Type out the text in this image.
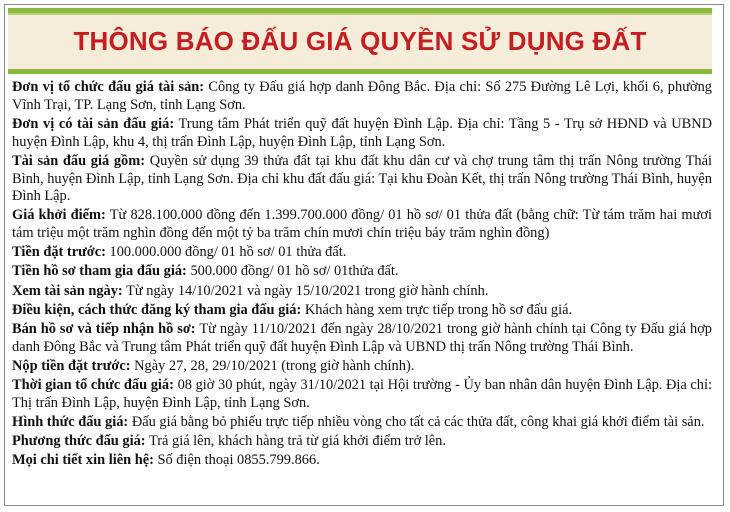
THÔNG BÁO ĐẤU GIÁ QUYỀN SỬ DỤNG ĐẤT

Đơn vị tổ chức đấu giá tài sản: Công ty Đấu giá hợp danh Đông Bắc. Địa chỉ: Số 275 Đường Lê Lợi, khối 6, phường Vĩnh Trại, TP. Lạng Sơn, tỉnh Lạng Sơn.

Đơn vị có tài sản đấu giá: Trung tâm Phát triển quỹ đất huyện Đình Lập. Địa chỉ: Tầng 5 - Trụ sở HĐND và UBND huyện Đình Lập, khu 4, thị trấn Đình Lập, huyện Đình Lập, tỉnh Lạng Sơn.

Tài sản đấu giá gồm: Quyền sử dụng 39 thửa đất tại khu đất khu dân cư và chợ trung tâm thị trấn Nông trường Thái Bình, huyện Đình Lập, tỉnh Lạng Sơn. Địa chỉ khu đất đấu giá: Tại khu Đoàn Kết, thị trấn Nông trường Thái Bình, huyện Đình Lập.

Giá khởi điểm: Từ 828.100.000 đồng đến 1.399.700.000 đồng/ 01 hồ sơ/ 01 thửa đất (bằng chữ: Từ tám trăm hai mươi tám triệu một trăm nghìn đồng đến một tỷ ba trăm chín mươi chín triệu bảy trăm nghìn đồng)

Tiền đặt trước: 100.000.000 đồng/ 01 hồ sơ/ 01 thửa đất.

Tiền hồ sơ tham gia đấu giá: 500.000 đồng/ 01 hồ sơ/ 01thửa đất.

Xem tài sản ngày: Từ ngày 14/10/2021 và ngày 15/10/2021 trong giờ hành chính.

Điều kiện, cách thức đăng ký tham gia đấu giá: Khách hàng xem trực tiếp trong hồ sơ đấu giá.

Bán hồ sơ và tiếp nhận hồ sơ: Từ ngày 11/10/2021 đến ngày 28/10/2021 trong giờ hành chính tại Công ty Đấu giá hợp danh Đông Bắc và Trung tâm Phát triển quỹ đất huyện Đình Lập và UBND thị trấn Nông trường Thái Bình.

Nộp tiền đặt trước: Ngày 27, 28, 29/10/2021 (trong giờ hành chính).

Thời gian tổ chức đấu giá: 08 giờ 30 phút, ngày 31/10/2021 tại Hội trường - Ủy ban nhân dân huyện Đình Lập. Địa chỉ: Thị trấn Đình Lập, huyện Đình Lập, tỉnh Lạng Sơn.

Hình thức đấu giá: Đấu giá bằng bỏ phiếu trực tiếp nhiều vòng cho tất cả các thửa đất, công khai giá khởi điểm tài sản.

Phương thức đấu giá: Trả giá lên, khách hàng trả từ giá khởi điểm trở lên.

Mọi chi tiết xin liên hệ: Số điện thoại 0855.799.866.
